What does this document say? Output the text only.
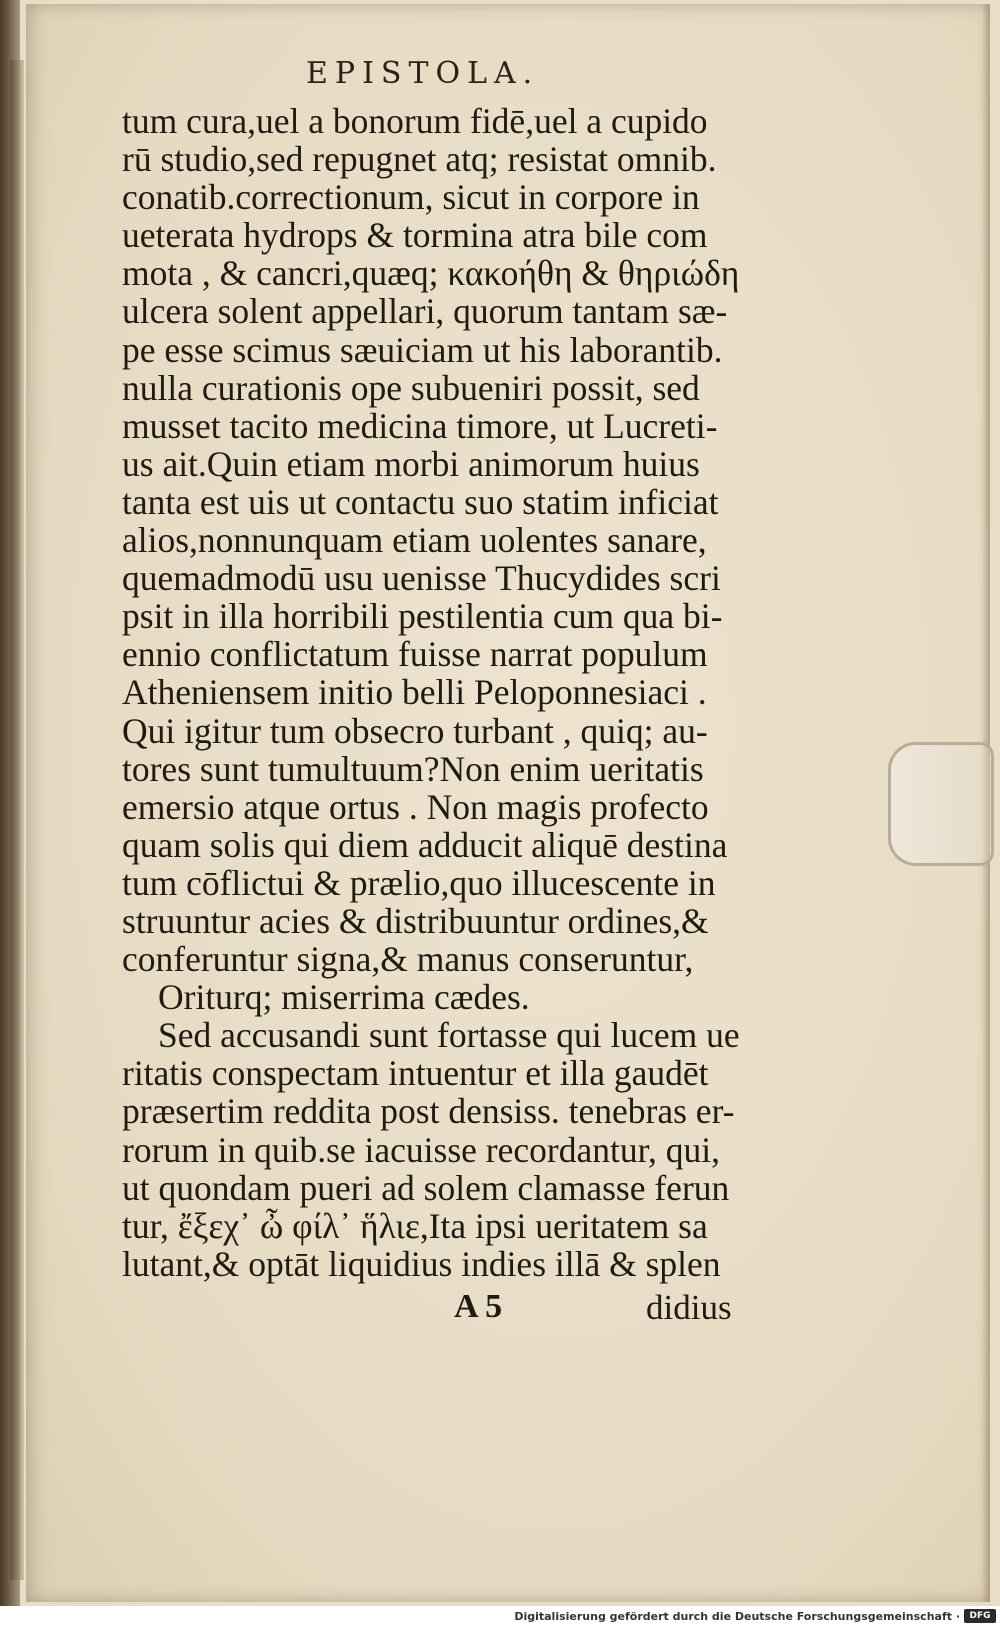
EPISTOLA.
tum cura,uel a bonorum fidē,uel a cupido
rū studio,sed repugnet atq; resistat omnib.
conatib.correctionum, sicut in corpore in
ueterata hydrops & tormina atra bile com
mota , & cancri,quæq; κακοήθη & θηριώδη
ulcera solent appellari, quorum tantam sæ-
pe esse scimus sæuiciam ut his laborantib.
nulla curationis ope subueniri possit, sed
musset tacito medicina timore, ut Lucreti-
us ait.Quin etiam morbi animorum huius
tanta est uis ut contactu suo statim inficiat
alios,nonnunquam etiam uolentes sanare,
quemadmodū usu uenisse Thucydides scri
psit in illa horribili pestilentia cum qua bi-
ennio conflictatum fuisse narrat populum
Atheniensem initio belli Peloponnesiaci .
Qui igitur tum obsecro turbant , quiq; au-
tores sunt tumultuum?Non enim ueritatis
emersio atque ortus . Non magis profecto
quam solis qui diem adducit aliquē destina
tum cōflictui & prælio,quo illucescente in
struuntur acies & distribuuntur ordines,&
conferuntur signa,& manus conseruntur,
Oriturq; miserrima cædes.
Sed accusandi sunt fortasse qui lucem ue
ritatis conspectam intuentur et illa gaudēt
præsertim reddita post densiss. tenebras er-
rorum in quib.se iacuisse recordantur, qui,
ut quondam pueri ad solem clamasse ferun
tur, ἔξεχ᾽ ὦ φίλ᾽ ἥλιε,Ita ipsi ueritatem sa
lutant,& optāt liquidius indies illā & splen
A 5	didius
Digitalisierung gefördert durch die Deutsche Forschungsgemeinschaft ·	DFG
